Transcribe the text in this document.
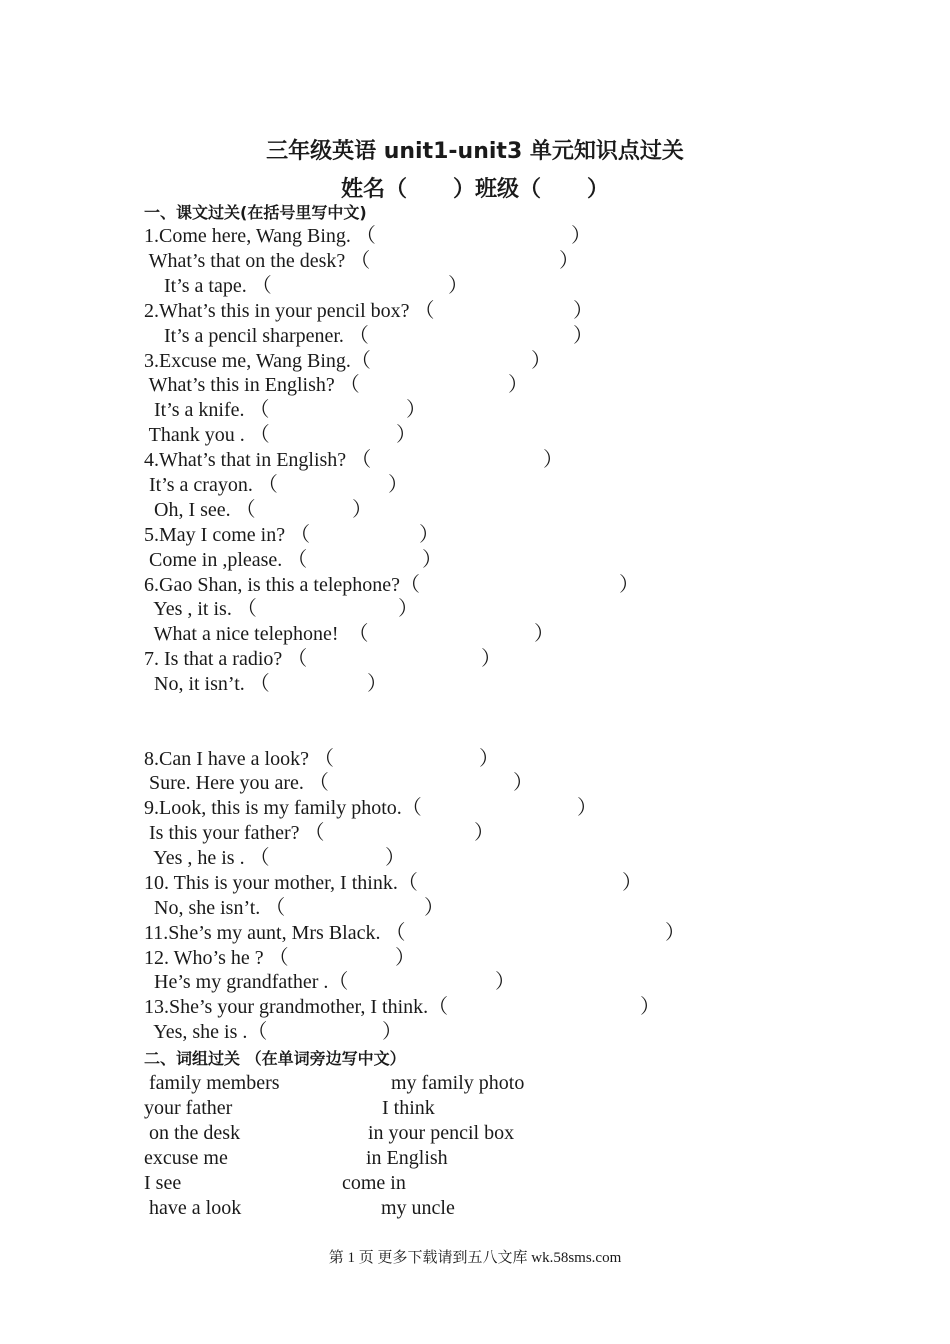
三年级英语 unit1-unit3 单元知识点过关
姓名（      ）班级（      ）
一、课文过关(在括号里写中文)
1.Come here, Wang Bing. （	）
What’s that on the desk? （	）
It’s a tape. （	）
2.What’s this in your pencil box? （	）
It’s a pencil sharpener. （	）
3.Excuse me, Wang Bing.（	）
What’s this in English? （	）
It’s a knife. （	）
Thank you . （	）
4.What’s that in English? （	）
It’s a crayon. （	）
Oh, I see. （	）
5.May I come in? （	）
Come in ,please. （	）
6.Gao Shan, is this a telephone?（	）
Yes , it is. （	）
What a nice telephone!  （	）
7. Is that a radio? （	）
No, it isn’t. （	）
8.Can I have a look? （	）
Sure. Here you are. （	）
9.Look, this is my family photo.（	）
Is this your father? （	）
Yes , he is . （	）
10. This is your mother, I think.（	）
No, she isn’t. （	）
11.She’s my aunt, Mrs Black. （	）
12. Who’s he ? （	）
He’s my grandfather .（	）
13.She’s your grandmother, I think.（	）
Yes, she is .（	）
二、词组过关 （在单词旁边写中文）
family members	my family photo
your father	I think
on the desk	in your pencil box
excuse me	in English
I see	come in
have a look	my uncle
第 1 页 更多下载请到五八文库 wk.58sms.com
